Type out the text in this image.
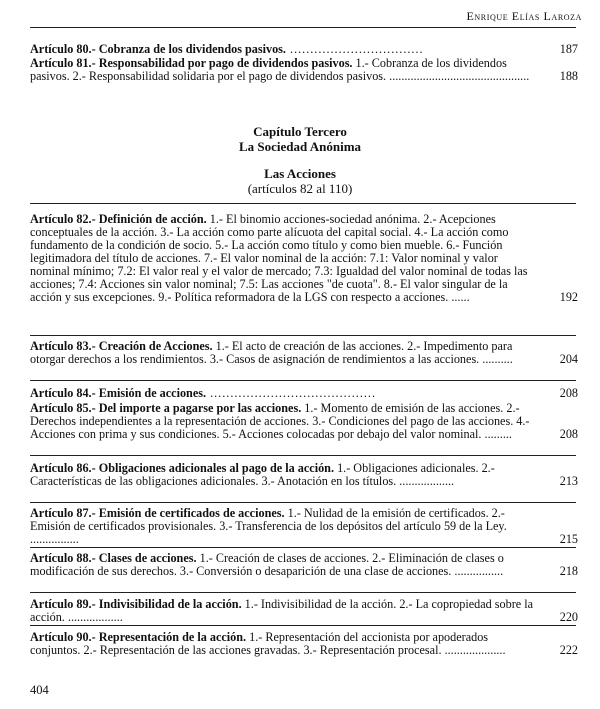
Enrique Elías Laroza
Artículo 80.- Cobranza de los dividendos pasivos. .................................	187
Artículo 81.- Responsabilidad por pago de dividendos pasivos. 1.- Cobranza de los dividendos pasivos. 2.- Responsabilidad solidaria por el pago de dividendos pasivos. ..............................................	188
Capítulo Tercero
La Sociedad Anónima
Las Acciones
(artículos 82 al 110)
Artículo 82.- Definición de acción. 1.- El binomio acciones-sociedad anónima. 2.- Acepciones conceptuales de la acción. 3.- La acción como parte alícuota del capital social. 4.- La acción como fundamento de la condición de socio. 5.- La acción como título y como bien mueble. 6.- Función legitimadora del título de acciones. 7.- El valor nominal de la acción: 7.1: Valor nominal y valor nominal mínimo; 7.2: El valor real y el valor de mercado; 7.3: Igualdad del valor nominal de todas las acciones; 7.4: Acciones sin valor nominal; 7.5: Las acciones "de cuota". 8.- El valor singular de la acción y sus excepciones. 9.- Política reformadora de la LGS con respecto a acciones. ......	192
Artículo 83.- Creación de Acciones. 1.- El acto de creación de las acciones. 2.- Impedimento para otorgar derechos a los rendimientos. 3.- Casos de asignación de rendimientos a las acciones. ..........	204
Artículo 84.- Emisión de acciones. .........................................	208
Artículo 85.- Del importe a pagarse por las acciones. 1.- Momento de emisión de las acciones. 2.- Derechos independientes a la representación de acciones. 3.- Condiciones del pago de las acciones. 4.- Acciones con prima y sus condiciones. 5.- Acciones colocadas por debajo del valor nominal. .........	208
Artículo 86.- Obligaciones adicionales al pago de la acción. 1.- Obligaciones adicionales. 2.- Características de las obligaciones adicionales. 3.- Anotación en los títulos. ..................	213
Artículo 87.- Emisión de certificados de acciones. 1.- Nulidad de la emisión de certificados. 2.- Emisión de certificados provisionales. 3.- Transferencia de los depósitos del artículo 59 de la Ley. ................	215
Artículo 88.- Clases de acciones. 1.- Creación de clases de acciones. 2.- Eliminación de clases o modificación de sus derechos. 3.- Conversión o desaparición de una clase de acciones. ................	218
Artículo 89.- Indivisibilidad de la acción. 1.- Indivisibilidad de la acción. 2.- La copropiedad sobre la acción. ..................	220
Artículo 90.- Representación de la acción. 1.- Representación del accionista por apoderados conjuntos. 2.- Representación de las acciones gravadas. 3.- Representación procesal. ....................	222
404
